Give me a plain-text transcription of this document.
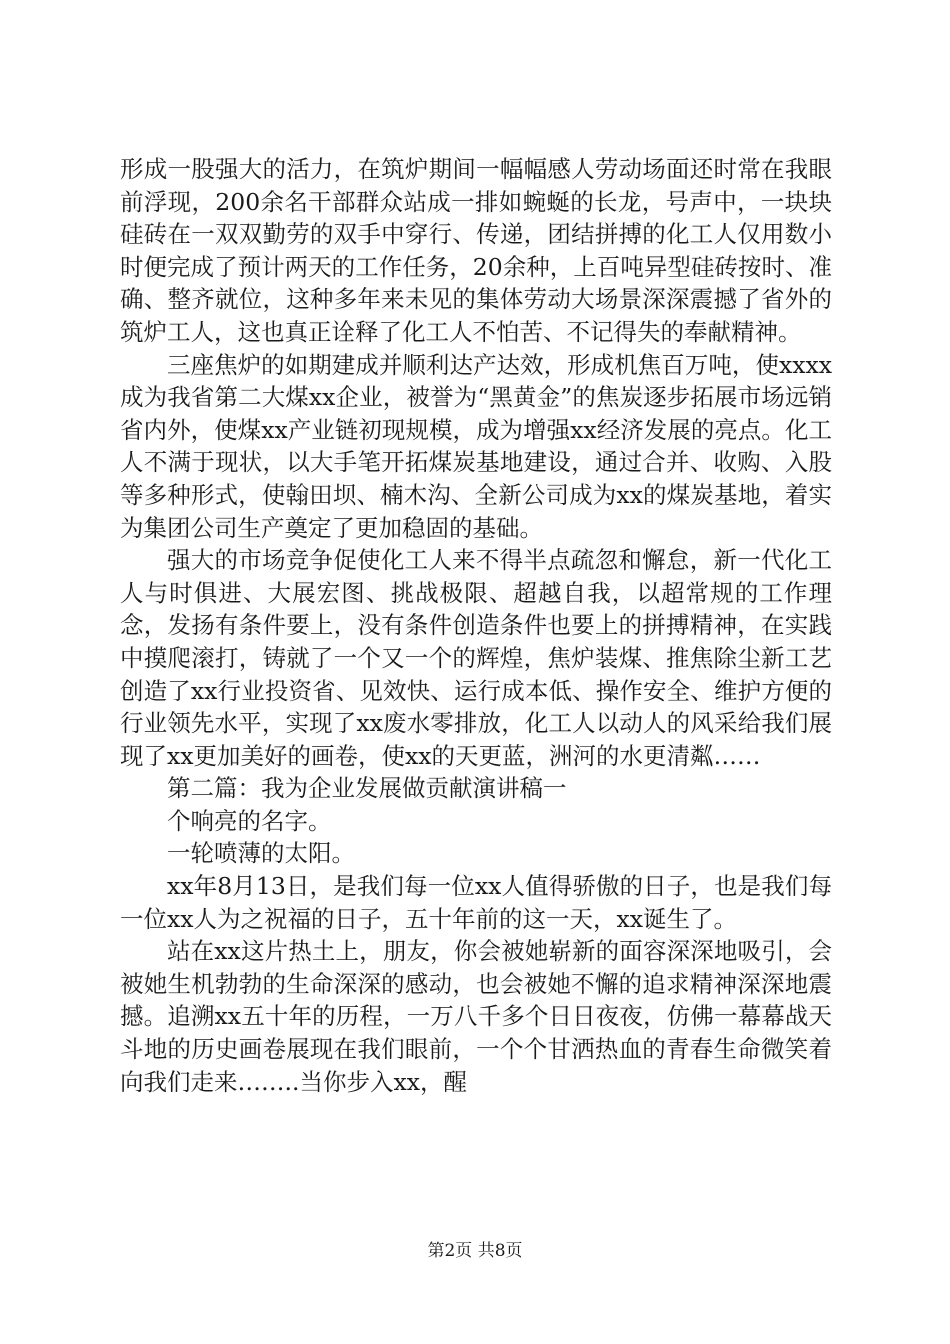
形成一股强大的活力，在筑炉期间一幅幅感人劳动场面还时常在我眼前浮现，200余名干部群众站成一排如蜿蜒的长龙，号声中，一块块硅砖在一双双勤劳的双手中穿行、传递，团结拼搏的化工人仅用数小时便完成了预计两天的工作任务，20余种，上百吨异型硅砖按时、准确、整齐就位，这种多年来未见的集体劳动大场景深深震撼了省外的筑炉工人，这也真正诠释了化工人不怕苦、不记得失的奉献精神。

三座焦炉的如期建成并顺利达产达效，形成机焦百万吨，使xxxx成为我省第二大煤xx企业，被誉为“黑黄金”的焦炭逐步拓展市场远销省内外，使煤xx产业链初现规模，成为增强xx经济发展的亮点。化工人不满于现状，以大手笔开拓煤炭基地建设，通过合并、收购、入股等多种形式，使翰田坝、楠木沟、全新公司成为xx的煤炭基地，着实为集团公司生产奠定了更加稳固的基础。

强大的市场竞争促使化工人来不得半点疏忽和懈怠，新一代化工人与时俱进、大展宏图、挑战极限、超越自我，以超常规的工作理念，发扬有条件要上，没有条件创造条件也要上的拼搏精神，在实践中摸爬滚打，铸就了一个又一个的辉煌，焦炉装煤、推焦除尘新工艺创造了xx行业投资省、见效快、运行成本低、操作安全、维护方便的行业领先水平，实现了xx废水零排放，化工人以动人的风采给我们展现了xx更加美好的画卷，使xx的天更蓝，洲河的水更清粼……

第二篇：我为企业发展做贡献演讲稿一

个响亮的名字。

一轮喷薄的太阳。

xx年8月13日，是我们每一位xx人值得骄傲的日子，也是我们每一位xx人为之祝福的日子，五十年前的这一天，xx诞生了。

站在xx这片热土上，朋友，你会被她崭新的面容深深地吸引，会被她生机勃勃的生命深深的感动，也会被她不懈的追求精神深深地震撼。追溯xx五十年的历程，一万八千多个日日夜夜，仿佛一幕幕战天斗地的历史画卷展现在我们眼前，一个个甘洒热血的青春生命微笑着向我们走来……..当你步入xx，醒

第2页 共8页
